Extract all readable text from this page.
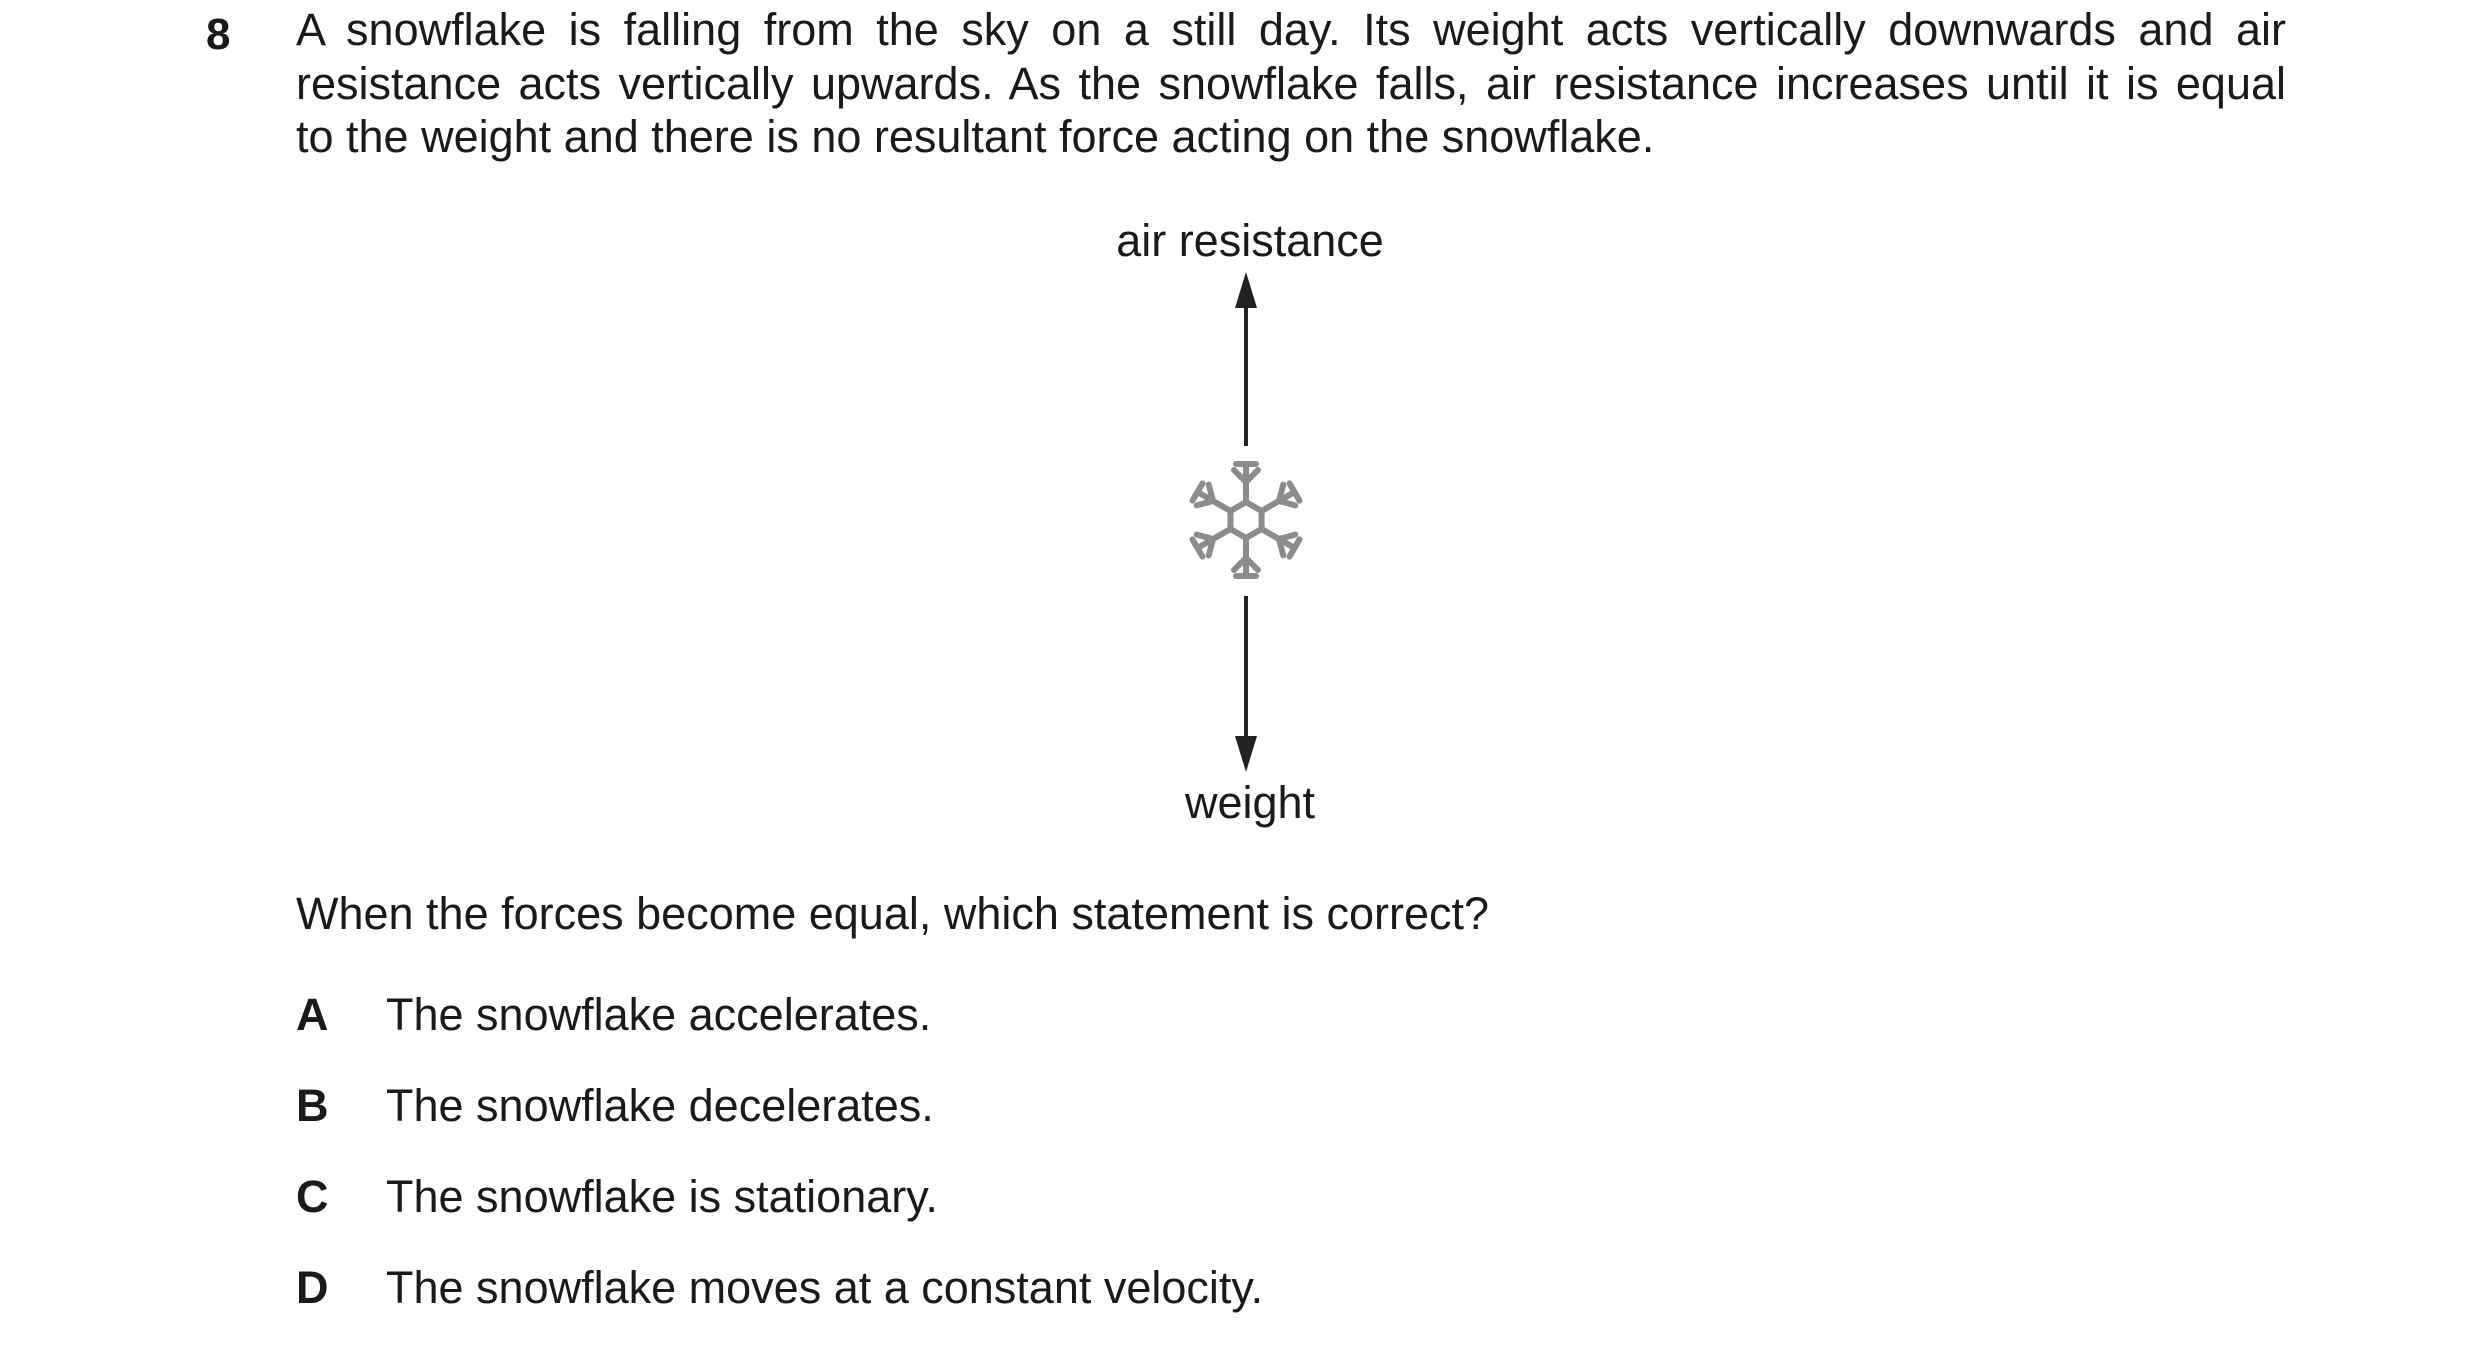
8 A snowflake is falling from the sky on a still day. Its weight acts vertically downwards and air
resistance acts vertically upwards. As the snowflake falls, air resistance increases until it is equal
to the weight and there is no resultant force acting on the snowflake.
air resistance
weight
When the forces become equal, which statement is correct?
A The snowflake accelerates.
B The snowflake decelerates.
C The snowflake is stationary.
D The snowflake moves at a constant velocity.
